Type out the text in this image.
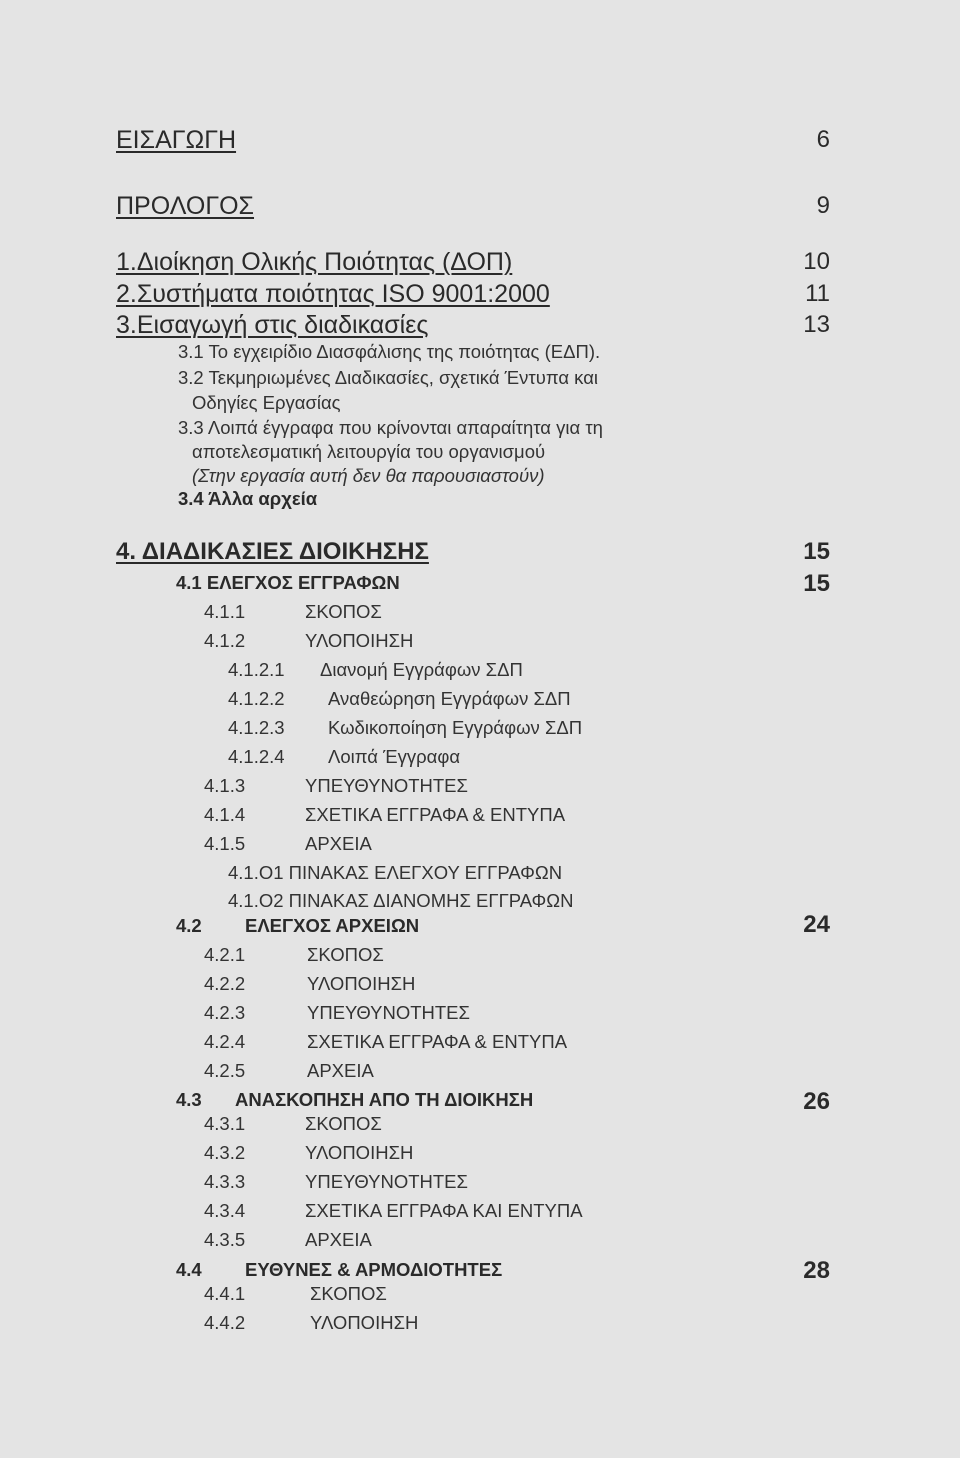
ΕΙΣΑΓΩΓΗ	6
ΠΡΟΛΟΓΟΣ	9
1.Διοίκηση Ολικής Ποιότητας (ΔΟΠ)	10
2.Συστήματα ποιότητας ISO 9001:2000	11
3.Εισαγωγή στις διαδικασίες	13
3.1 Το εγχειρίδιο Διασφάλισης της ποιότητας (ΕΔΠ).
3.2 Τεκμηριωμένες Διαδικασίες, σχετικά Έντυπα και
Οδηγίες Εργασίας
3.3 Λοιπά έγγραφα που κρίνονται απαραίτητα για τη
αποτελεσματική λειτουργία του οργανισμού
(Στην εργασία αυτή δεν θα παρουσιαστούν)
3.4 Άλλα αρχεία
4. ΔΙΑΔΙΚΑΣΙΕΣ ΔΙΟΙΚΗΣΗΣ	15
4.1 ΕΛΕΓΧΟΣ ΕΓΓΡΑΦΩΝ	15
4.1.1	ΣΚΟΠΟΣ
4.1.2	ΥΛΟΠΟΙΗΣΗ
4.1.2.1 Διανομή Εγγράφων ΣΔΠ
4.1.2.2 Αναθεώρηση Εγγράφων ΣΔΠ
4.1.2.3 Κωδικοποίηση Εγγράφων ΣΔΠ
4.1.2.4 Λοιπά Έγγραφα
4.1.3	ΥΠΕΥΘΥΝΟΤΗΤΕΣ
4.1.4	ΣΧΕΤΙΚΑ ΕΓΓΡΑΦΑ & ΕΝΤΥΠΑ
4.1.5	ΑΡΧΕΙΑ
4.1.Ο1 ΠΙΝΑΚΑΣ ΕΛΕΓΧΟΥ ΕΓΓΡΑΦΩΝ
4.1.Ο2 ΠΙΝΑΚΑΣ ΔΙΑΝΟΜΗΣ ΕΓΓΡΑΦΩΝ
4.2 ΕΛΕΓΧΟΣ ΑΡΧΕΙΩΝ	24
4.2.1	ΣΚΟΠΟΣ
4.2.2	ΥΛΟΠΟΙΗΣΗ
4.2.3	ΥΠΕΥΘΥΝΟΤΗΤΕΣ
4.2.4	ΣΧΕΤΙΚΑ ΕΓΓΡΑΦΑ & ΕΝΤΥΠΑ
4.2.5	ΑΡΧΕΙΑ
4.3 ΑΝΑΣΚΟΠΗΣΗ ΑΠΟ ΤΗ ΔΙΟΙΚΗΣΗ	26
4.3.1	ΣΚΟΠΟΣ
4.3.2	ΥΛΟΠΟΙΗΣΗ
4.3.3	ΥΠΕΥΘΥΝΟΤΗΤΕΣ
4.3.4	ΣΧΕΤΙΚΑ ΕΓΓΡΑΦΑ ΚΑΙ ΕΝΤΥΠΑ
4.3.5	ΑΡΧΕΙΑ
4.4 ΕΥΘΥΝΕΣ & ΑΡΜΟΔΙΟΤΗΤΕΣ	28
4.4.1	ΣΚΟΠΟΣ
4.4.2	ΥΛΟΠΟΙΗΣΗ
